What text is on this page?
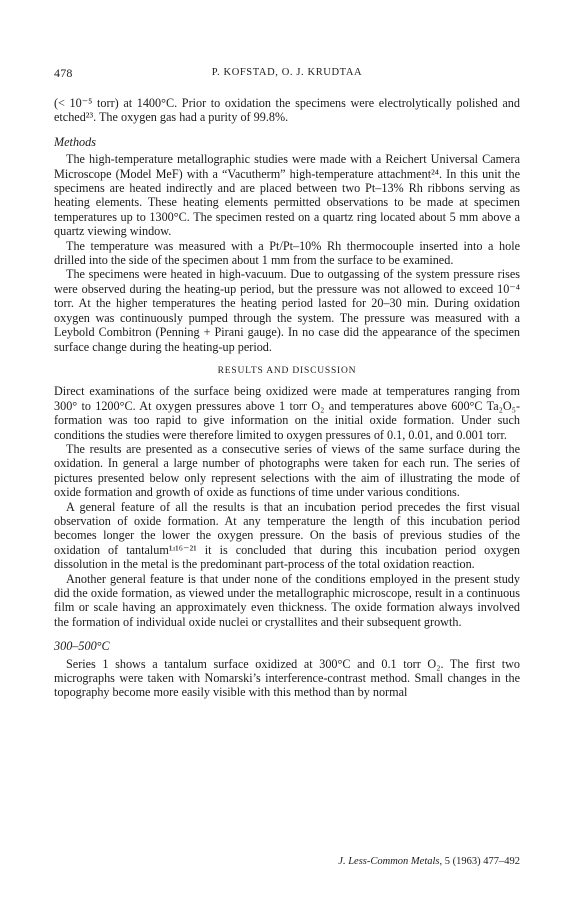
478	P. KOFSTAD, O. J. KRUDTAA

(< 10⁻⁵ torr) at 1400°C. Prior to oxidation the specimens were electrolytically polished and etched²³. The oxygen gas had a purity of 99.8%.

Methods

The high-temperature metallographic studies were made with a Reichert Universal Camera Microscope (Model MeF) with a “Vacutherm” high-temperature attachment²⁴. In this unit the specimens are heated indirectly and are placed between two Pt–13% Rh ribbons serving as heating elements. These heating elements permitted observations to be made at specimen temperatures up to 1300°C. The specimen rested on a quartz ring located about 5 mm above a quartz viewing window.

The temperature was measured with a Pt/Pt–10% Rh thermocouple inserted into a hole drilled into the side of the specimen about 1 mm from the surface to be examined.

The specimens were heated in high-vacuum. Due to outgassing of the system pressure rises were observed during the heating-up period, but the pressure was not allowed to exceed 10⁻⁴ torr. At the higher temperatures the heating period lasted for 20–30 min. During oxidation oxygen was continuously pumped through the system. The pressure was measured with a Leybold Combitron (Penning + Pirani gauge). In no case did the appearance of the specimen surface change during the heating-up period.

RESULTS AND DISCUSSION

Direct examinations of the surface being oxidized were made at temperatures ranging from 300° to 1200°C. At oxygen pressures above 1 torr O₂ and temperatures above 600°C Ta₂O₅-formation was too rapid to give information on the initial oxide formation. Under such conditions the studies were therefore limited to oxygen pressures of 0.1, 0.01, and 0.001 torr.

The results are presented as a consecutive series of views of the same surface during the oxidation. In general a large number of photographs were taken for each run. The series of pictures presented below only represent selections with the aim of illustrating the mode of oxide formation and growth of oxide as functions of time under various conditions.

A general feature of all the results is that an incubation period precedes the first visual observation of oxide formation. At any temperature the length of this incubation period becomes longer the lower the oxygen pressure. On the basis of previous studies of the oxidation of tantalum¹ʴ¹⁶⁻²¹ it is concluded that during this incubation period oxygen dissolution in the metal is the predominant part-process of the total oxidation reaction.

Another general feature is that under none of the conditions employed in the present study did the oxide formation, as viewed under the metallographic microscope, result in a continuous film or scale having an approximately even thickness. The oxide formation always involved the formation of individual oxide nuclei or crystallites and their subsequent growth.

300–500°C

Series 1 shows a tantalum surface oxidized at 300°C and 0.1 torr O₂. The first two micrographs were taken with Nomarski’s interference-contrast method. Small changes in the topography become more easily visible with this method than by normal

J. Less-Common Metals, 5 (1963) 477–492
